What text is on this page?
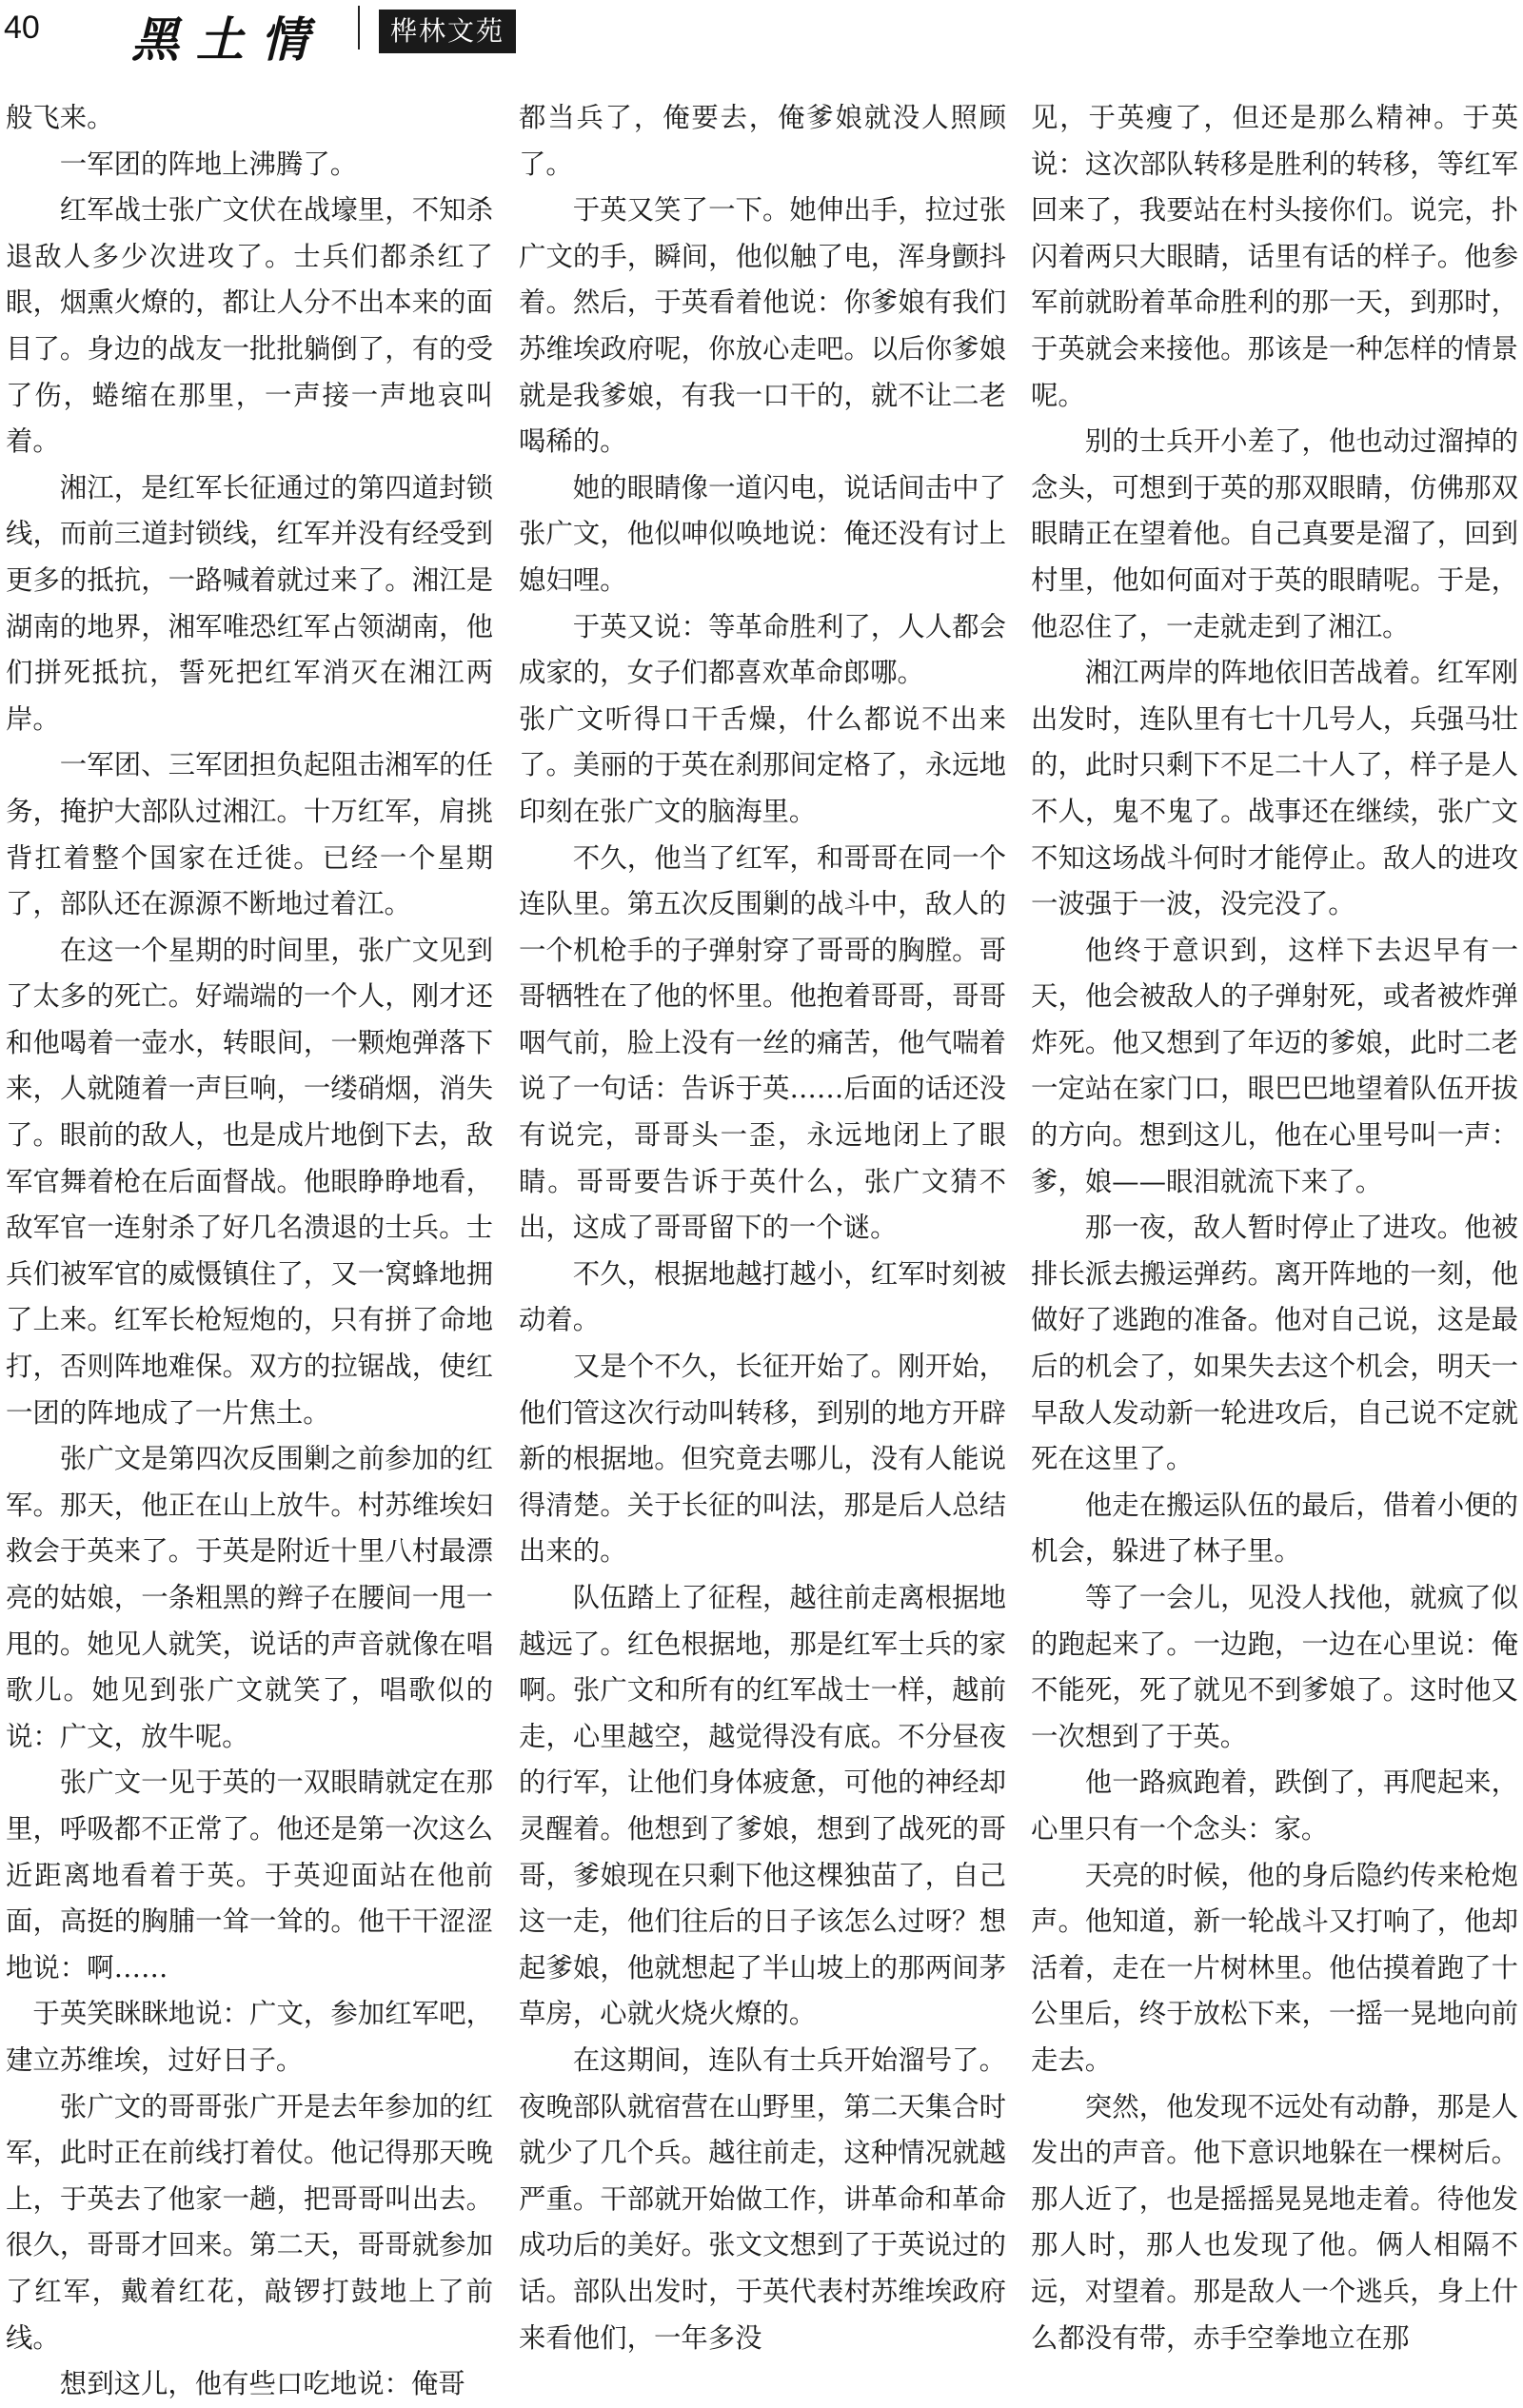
40 黑土情	桦林文苑

般飞来。

一军团的阵地上沸腾了。

红军战士张广文伏在战壕里，不知杀退敌人多少次进攻了。士兵们都杀红了眼，烟熏火燎的，都让人分不出本来的面目了。身边的战友一批批躺倒了，有的受了伤，蜷缩在那里，一声接一声地哀叫着。

湘江，是红军长征通过的第四道封锁线，而前三道封锁线，红军并没有经受到更多的抵抗，一路喊着就过来了。湘江是湖南的地界，湘军唯恐红军占领湖南，他们拼死抵抗，誓死把红军消灭在湘江两岸。

一军团、三军团担负起阻击湘军的任务，掩护大部队过湘江。十万红军，肩挑背扛着整个国家在迁徙。已经一个星期了，部队还在源源不断地过着江。

在这一个星期的时间里，张广文见到了太多的死亡。好端端的一个人，刚才还和他喝着一壶水，转眼间，一颗炮弹落下来，人就随着一声巨响，一缕硝烟，消失了。眼前的敌人，也是成片地倒下去，敌军官舞着枪在后面督战。他眼睁睁地看，敌军官一连射杀了好几名溃退的士兵。士兵们被军官的威慑镇住了，又一窝蜂地拥了上来。红军长枪短炮的，只有拼了命地打，否则阵地难保。双方的拉锯战，使红一团的阵地成了一片焦土。

张广文是第四次反围剿之前参加的红军。那天，他正在山上放牛。村苏维埃妇救会于英来了。于英是附近十里八村最漂亮的姑娘，一条粗黑的辫子在腰间一甩一甩的。她见人就笑，说话的声音就像在唱歌儿。她见到张广文就笑了，唱歌似的说：广文，放牛呢。

张广文一见于英的一双眼睛就定在那里，呼吸都不正常了。他还是第一次这么近距离地看着于英。于英迎面站在他前面，高挺的胸脯一耸一耸的。他干干涩涩地说：啊……

于英笑眯眯地说：广文，参加红军吧，建立苏维埃，过好日子。

张广文的哥哥张广开是去年参加的红军，此时正在前线打着仗。他记得那天晚上，于英去了他家一趟，把哥哥叫出去。很久，哥哥才回来。第二天，哥哥就参加了红军，戴着红花，敲锣打鼓地上了前线。

想到这儿，他有些口吃地说：俺哥

都当兵了，俺要去，俺爹娘就没人照顾了。

于英又笑了一下。她伸出手，拉过张广文的手，瞬间，他似触了电，浑身颤抖着。然后，于英看着他说：你爹娘有我们苏维埃政府呢，你放心走吧。以后你爹娘就是我爹娘，有我一口干的，就不让二老喝稀的。

她的眼睛像一道闪电，说话间击中了张广文，他似呻似唤地说：俺还没有讨上媳妇哩。

于英又说：等革命胜利了，人人都会成家的，女子们都喜欢革命郎哪。

张广文听得口干舌燥，什么都说不出来了。美丽的于英在刹那间定格了，永远地印刻在张广文的脑海里。

不久，他当了红军，和哥哥在同一个连队里。第五次反围剿的战斗中，敌人的一个机枪手的子弹射穿了哥哥的胸膛。哥哥牺牲在了他的怀里。他抱着哥哥，哥哥咽气前，脸上没有一丝的痛苦，他气喘着说了一句话：告诉于英……后面的话还没有说完，哥哥头一歪，永远地闭上了眼睛。哥哥要告诉于英什么，张广文猜不出，这成了哥哥留下的一个谜。

不久，根据地越打越小，红军时刻被动着。

又是个不久，长征开始了。刚开始，他们管这次行动叫转移，到别的地方开辟新的根据地。但究竟去哪儿，没有人能说得清楚。关于长征的叫法，那是后人总结出来的。

队伍踏上了征程，越往前走离根据地越远了。红色根据地，那是红军士兵的家啊。张广文和所有的红军战士一样，越前走，心里越空，越觉得没有底。不分昼夜的行军，让他们身体疲惫，可他的神经却灵醒着。他想到了爹娘，想到了战死的哥哥，爹娘现在只剩下他这棵独苗了，自己这一走，他们往后的日子该怎么过呀？想起爹娘，他就想起了半山坡上的那两间茅草房，心就火烧火燎的。

在这期间，连队有士兵开始溜号了。夜晚部队就宿营在山野里，第二天集合时就少了几个兵。越往前走，这种情况就越严重。干部就开始做工作，讲革命和革命成功后的美好。张文文想到了于英说过的话。部队出发时，于英代表村苏维埃政府来看他们，一年多没

见，于英瘦了，但还是那么精神。于英说：这次部队转移是胜利的转移，等红军回来了，我要站在村头接你们。说完，扑闪着两只大眼睛，话里有话的样子。他参军前就盼着革命胜利的那一天，到那时，于英就会来接他。那该是一种怎样的情景呢。

别的士兵开小差了，他也动过溜掉的念头，可想到于英的那双眼睛，仿佛那双眼睛正在望着他。自己真要是溜了，回到村里，他如何面对于英的眼睛呢。于是，他忍住了，一走就走到了湘江。

湘江两岸的阵地依旧苦战着。红军刚出发时，连队里有七十几号人，兵强马壮的，此时只剩下不足二十人了，样子是人不人，鬼不鬼了。战事还在继续，张广文不知这场战斗何时才能停止。敌人的进攻一波强于一波，没完没了。

他终于意识到，这样下去迟早有一天，他会被敌人的子弹射死，或者被炸弹炸死。他又想到了年迈的爹娘，此时二老一定站在家门口，眼巴巴地望着队伍开拔的方向。想到这儿，他在心里号叫一声：爹，娘——眼泪就流下来了。

那一夜，敌人暂时停止了进攻。他被排长派去搬运弹药。离开阵地的一刻，他做好了逃跑的准备。他对自己说，这是最后的机会了，如果失去这个机会，明天一早敌人发动新一轮进攻后，自己说不定就死在这里了。

他走在搬运队伍的最后，借着小便的机会，躲进了林子里。

等了一会儿，见没人找他，就疯了似的跑起来了。一边跑，一边在心里说：俺不能死，死了就见不到爹娘了。这时他又一次想到了于英。

他一路疯跑着，跌倒了，再爬起来，心里只有一个念头：家。

天亮的时候，他的身后隐约传来枪炮声。他知道，新一轮战斗又打响了，他却活着，走在一片树林里。他估摸着跑了十公里后，终于放松下来，一摇一晃地向前走去。

突然，他发现不远处有动静，那是人发出的声音。他下意识地躲在一棵树后。那人近了，也是摇摇晃晃地走着。待他发那人时，那人也发现了他。俩人相隔不远，对望着。那是敌人一个逃兵，身上什么都没有带，赤手空拳地立在那
